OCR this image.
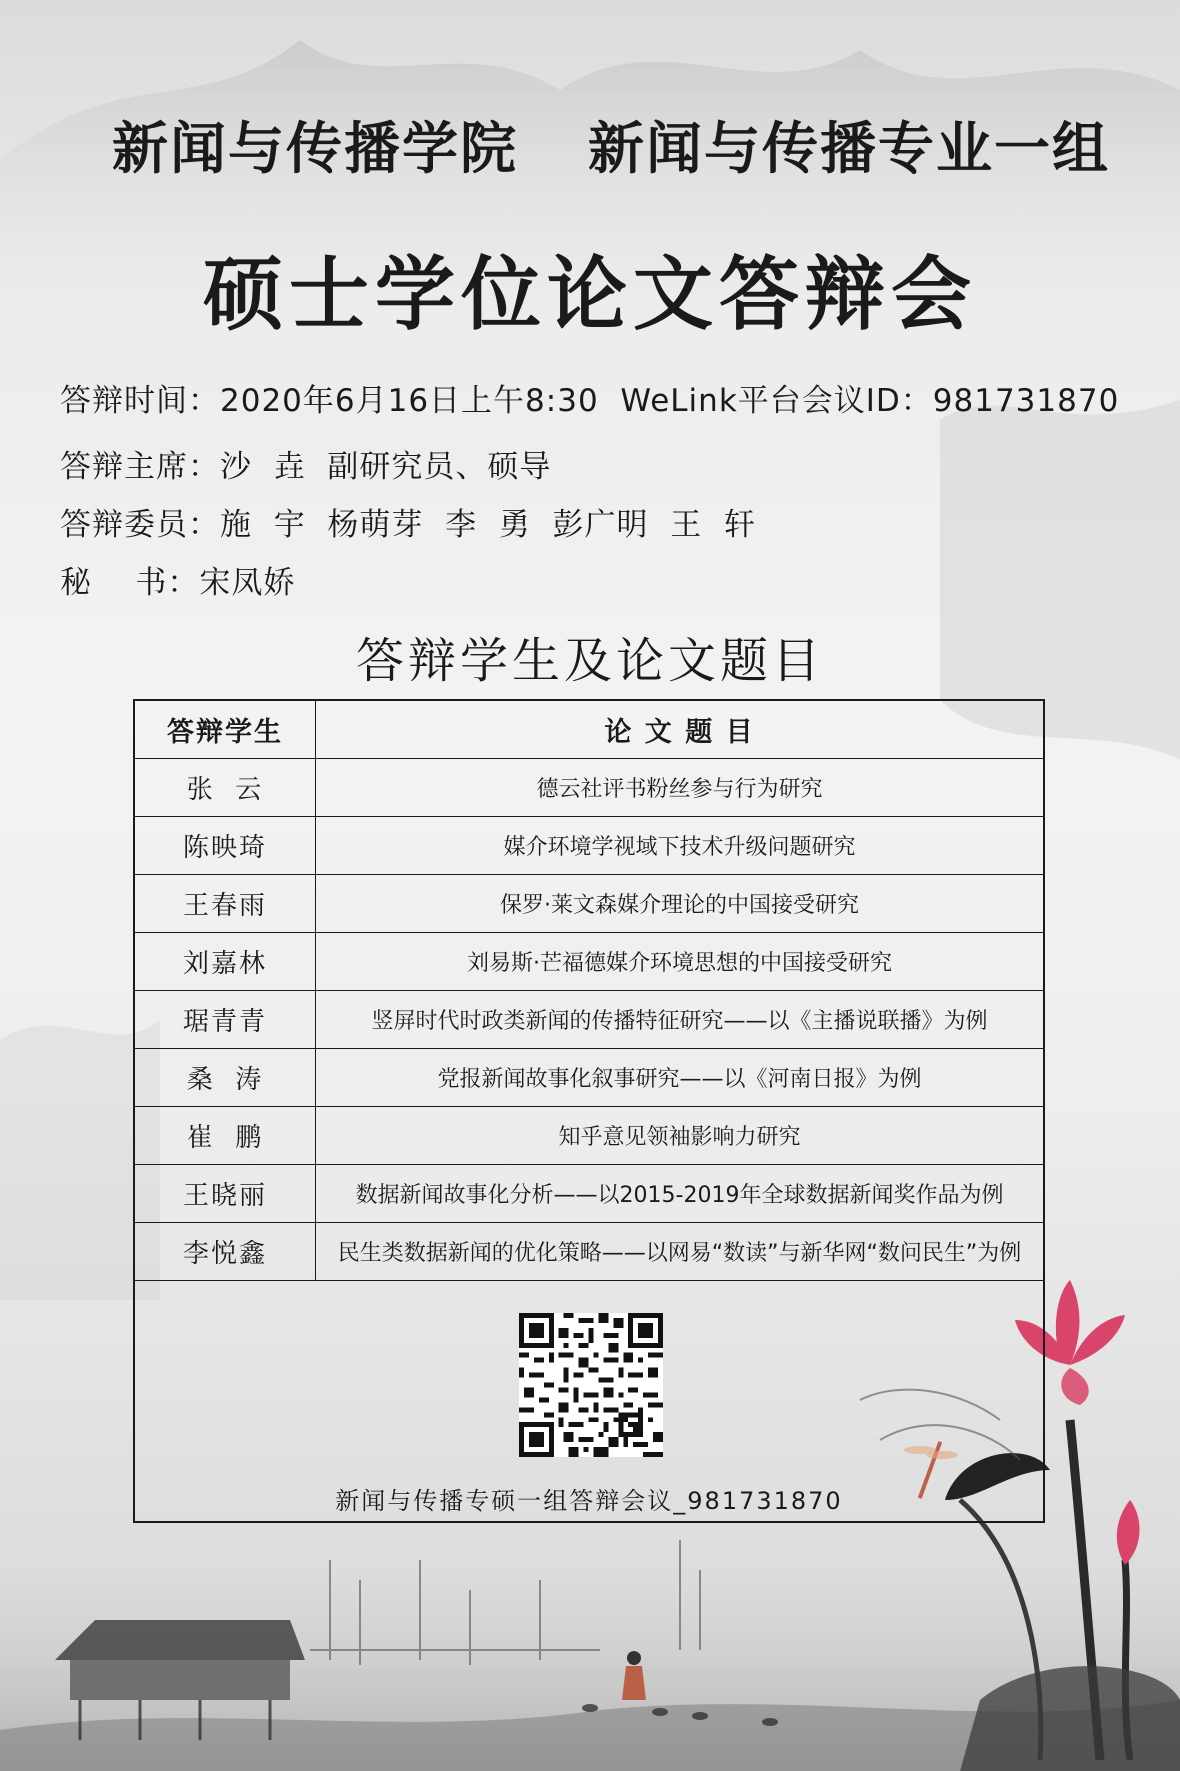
新闻与传播学院 新闻与传播专业一组
硕士学位论文答辩会
答辩时间：2020年6月16日上午8:30  WeLink平台会议ID：981731870
答辩主席：沙  垚  副研究员、硕导
答辩委员：施  宇  杨萌芽  李  勇  彭广明  王  轩
秘    书：宋凤娇
答辩学生及论文题目
答辩学生	论 文 题 目
张  云	德云社评书粉丝参与行为研究
陈映琦	媒介环境学视域下技术升级问题研究
王春雨	保罗·莱文森媒介理论的中国接受研究
刘嘉林	刘易斯·芒福德媒介环境思想的中国接受研究
琚青青	竖屏时代时政类新闻的传播特征研究——以《主播说联播》为例
桑  涛	党报新闻故事化叙事研究——以《河南日报》为例
崔  鹏	知乎意见领袖影响力研究
王晓丽	数据新闻故事化分析——以2015-2019年全球数据新闻奖作品为例
李悦鑫	民生类数据新闻的优化策略——以网易“数读”与新华网“数问民生”为例
新闻与传播专硕一组答辩会议_981731870
